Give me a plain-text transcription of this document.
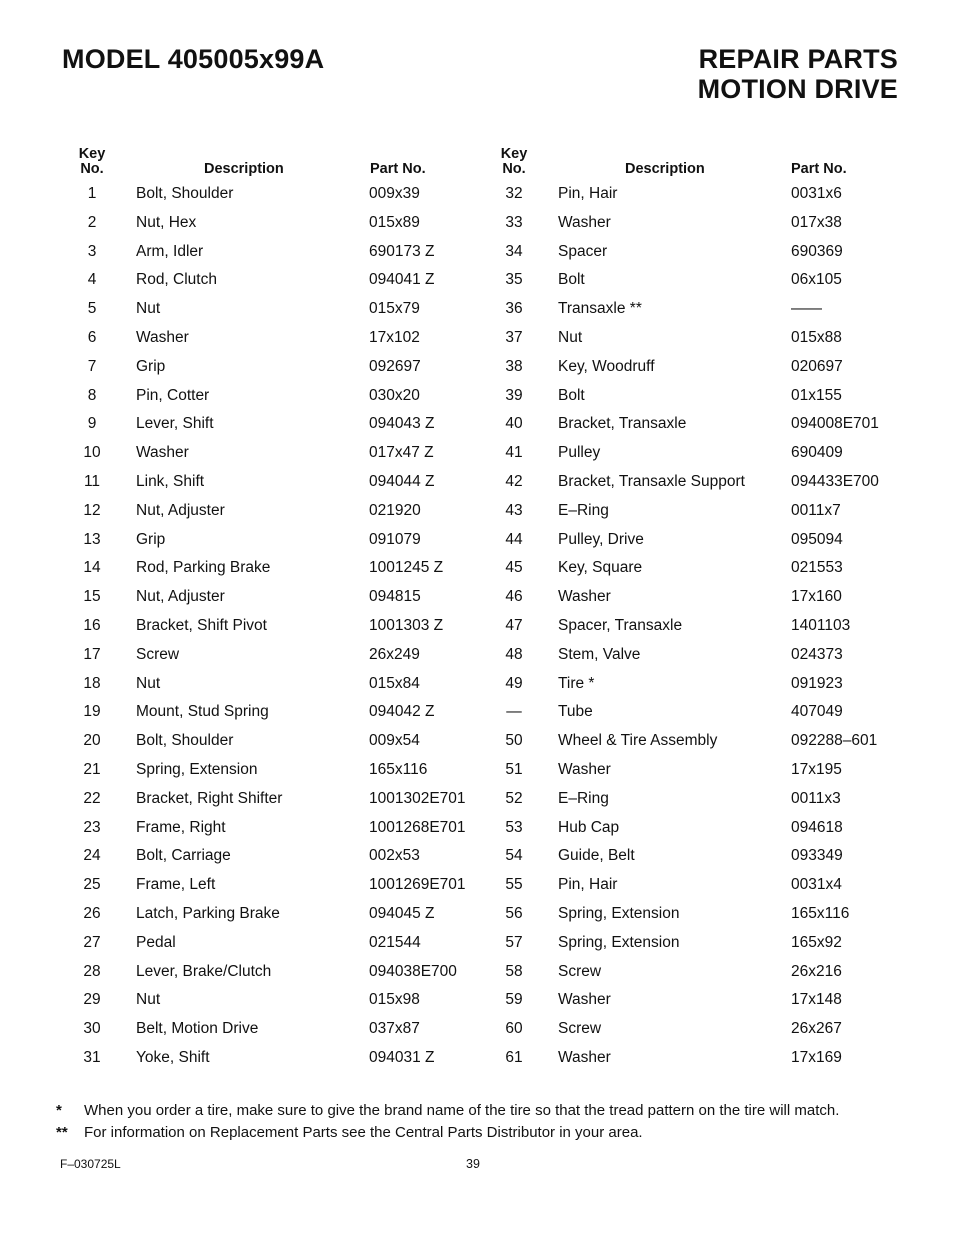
MODEL 405005x99A	REPAIR PARTS
MOTION DRIVE
Key
No.	Description	Part No.
Key
No.	Description	Part No.
1	Bolt, Shoulder	009x39
2	Nut, Hex	015x89
3	Arm, Idler	690173 Z
4	Rod, Clutch	094041 Z
5	Nut	015x79
6	Washer	17x102
7	Grip	092697
8	Pin, Cotter	030x20
9	Lever, Shift	094043 Z
10	Washer	017x47 Z
11	Link, Shift	094044 Z
12	Nut, Adjuster	021920
13	Grip	091079
14	Rod, Parking Brake	1001245 Z
15	Nut, Adjuster	094815
16	Bracket, Shift Pivot	1001303 Z
17	Screw	26x249
18	Nut	015x84
19	Mount, Stud Spring	094042 Z
20	Bolt, Shoulder	009x54
21	Spring, Extension	165x116
22	Bracket, Right Shifter	1001302E701
23	Frame, Right	1001268E701
24	Bolt, Carriage	002x53
25	Frame, Left	1001269E701
26	Latch, Parking Brake	094045 Z
27	Pedal	021544
28	Lever, Brake/Clutch	094038E700
29	Nut	015x98
30	Belt, Motion Drive	037x87
31	Yoke, Shift	094031 Z
32	Pin, Hair	0031x6
33	Washer	017x38
34	Spacer	690369
35	Bolt	06x105
36	Transaxle **	——
37	Nut	015x88
38	Key, Woodruff	020697
39	Bolt	01x155
40	Bracket, Transaxle	094008E701
41	Pulley	690409
42	Bracket, Transaxle Support	094433E700
43	E–Ring	0011x7
44	Pulley, Drive	095094
45	Key, Square	021553
46	Washer	17x160
47	Spacer, Transaxle	1401103
48	Stem, Valve	024373
49	Tire *	091923
—	Tube	407049
50	Wheel & Tire Assembly	092288–601
51	Washer	17x195
52	E–Ring	0011x3
53	Hub Cap	094618
54	Guide, Belt	093349
55	Pin, Hair	0031x4
56	Spring, Extension	165x116
57	Spring, Extension	165x92
58	Screw	26x216
59	Washer	17x148
60	Screw	26x267
61	Washer	17x169
* When you order a tire, make sure to give the brand name of the tire so that the tread pattern on the tire will match.
** For information on Replacement Parts see the Central Parts Distributor in your area.
F–030725L	39
